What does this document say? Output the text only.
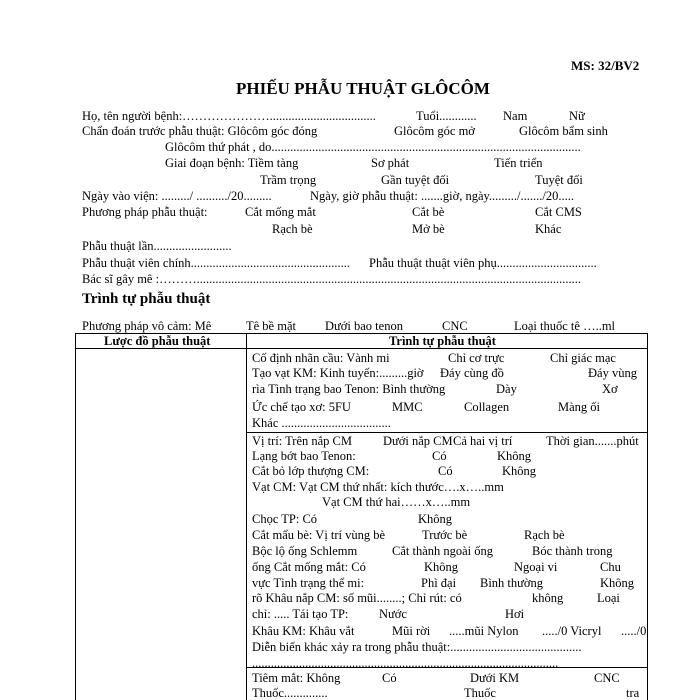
MS: 32/BV2
PHIẾU PHẪU THUẬT GLÔCÔM
Họ, tên người bệnh:…………………..................................	Tuổi............ Nam	Nữ
Chẩn đoán trước phẫu thuật: Glôcôm góc đóng	Glôcôm góc mở	Glôcôm bẩm sinh
Glôcôm thứ phát , do...................................................................................................
Giai đoạn bệnh: Tiềm tàng	Sơ phát	Tiến triển
Trầm trọng	Gần tuyệt đối	Tuyệt đối
Ngày vào viện: ........./ ........../20.........	Ngày, giờ phẫu thuật: .......giờ, ngày........./......./20.....
Phương pháp phẫu thuật:	Cắt mống mắt	Cắt bè	Cắt CMS
Rạch bè	Mở bè	Khác
Phẫu thuật lần.........................
Phẫu thuật viên chính................................................... Phẫu thuật thuật viên phụ................................
Bác sĩ gây mê :………...........................................................................................................................
Trình tự phẫu thuật
Phương pháp vô cảm: Mê	Tê bề mặt Dưới bao tenon	CNC	Loại thuốc tê …..ml
Lược đồ phẫu thuật	Trình tự phẫu thuật
Cố định nhãn cầu: Vành mi	Chỉ cơ trực	Chỉ giác mạc
Tạo vạt KM: Kinh tuyến:.........giờ Đáy cùng đồ	Đáy vùng
rìa Tình trạng bao Tenon: Bình thường	Dày	Xơ
Ức chế tạo xơ: 5FU	MMC	Collagen	Màng ối
Khác ...................................
Vị trí: Trên nắp CM Dưới nắp CM Cả hai vị trí	Thời gian.......phút
Lạng bớt bao Tenon:	Có	Không
Cắt bỏ lớp thượng CM:	Có	Không
Vạt CM: Vạt CM thứ nhất: kích thước….x…..mm
Vạt CM thứ hai……x…..mm
Chọc TP: Có	Không
Cắt mẩu bè: Vị trí vùng bè	Trước bè	Rạch bè
Bộc lộ ống Schlemm	Cắt thành ngoài ống	Bóc thành trong
ống Cắt mống mắt: Có	Không	Ngoại vi	Chu
vực Tình trạng thể mi:	Phì đại Bình thường	Không
rõ Khâu nắp CM: số mũi........; Chỉ rút: có	không	Loại
chỉ: ..... Tái tạo TP: Nước	Hơi
Khâu KM: Khâu vắt	Mũi rời .....mũi Nylon ...../0 Vicryl ...../0
Diễn biến khác xảy ra trong phẫu thuật:..........................................
..................................................................................................
Tiêm mắt: Không	Có	Dưới KM	CNC
Thuốc..............	Thuốc	tra
